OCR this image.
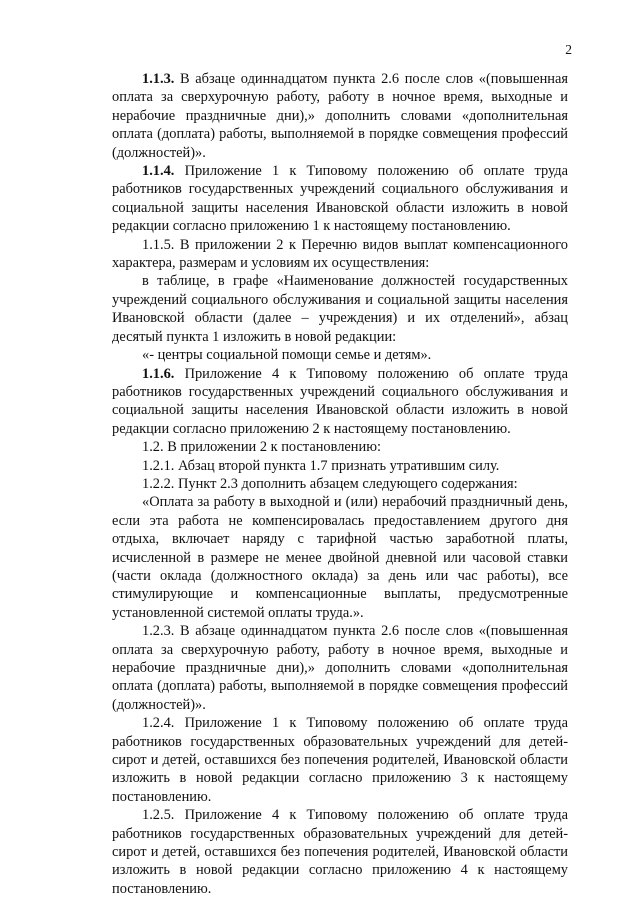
2

1.1.3. В абзаце одиннадцатом пункта 2.6 после слов «(повышенная оплата за сверхурочную работу, работу в ночное время, выходные и нерабочие праздничные дни),» дополнить словами «дополнительная оплата (доплата) работы, выполняемой в порядке совмещения профессий (должностей)».

1.1.4. Приложение 1 к Типовому положению об оплате труда работников государственных учреждений социального обслуживания и социальной защиты населения Ивановской области изложить в новой редакции согласно приложению 1 к настоящему постановлению.

1.1.5. В приложении 2 к Перечню видов выплат компенсационного характера, размерам и условиям их осуществления:

в таблице, в графе «Наименование должностей государственных учреждений социального обслуживания и социальной защиты населения Ивановской области (далее – учреждения) и их отделений», абзац десятый пункта 1 изложить в новой редакции:

«- центры социальной помощи семье и детям».

1.1.6. Приложение 4 к Типовому положению об оплате труда работников государственных учреждений социального обслуживания и социальной защиты населения Ивановской области изложить в новой редакции согласно приложению 2 к настоящему постановлению.

1.2. В приложении 2 к постановлению:

1.2.1. Абзац второй пункта 1.7 признать утратившим силу.

1.2.2. Пункт 2.3 дополнить абзацем следующего содержания:

«Оплата за работу в выходной и (или) нерабочий праздничный день, если эта работа не компенсировалась предоставлением другого дня отдыха, включает наряду с тарифной частью заработной платы, исчисленной в размере не менее двойной дневной или часовой ставки (части оклада (должностного оклада) за день или час работы), все стимулирующие и компенсационные выплаты, предусмотренные установленной системой оплаты труда.».

1.2.3. В абзаце одиннадцатом пункта 2.6 после слов «(повышенная оплата за сверхурочную работу, работу в ночное время, выходные и нерабочие праздничные дни),» дополнить словами «дополнительная оплата (доплата) работы, выполняемой в порядке совмещения профессий (должностей)».

1.2.4. Приложение 1 к Типовому положению об оплате труда работников государственных образовательных учреждений для детей-сирот и детей, оставшихся без попечения родителей, Ивановской области изложить в новой редакции согласно приложению 3 к настоящему постановлению.

1.2.5. Приложение 4 к Типовому положению об оплате труда работников государственных образовательных учреждений для детей-сирот и детей, оставшихся без попечения родителей, Ивановской области изложить в новой редакции согласно приложению 4 к настоящему постановлению.
